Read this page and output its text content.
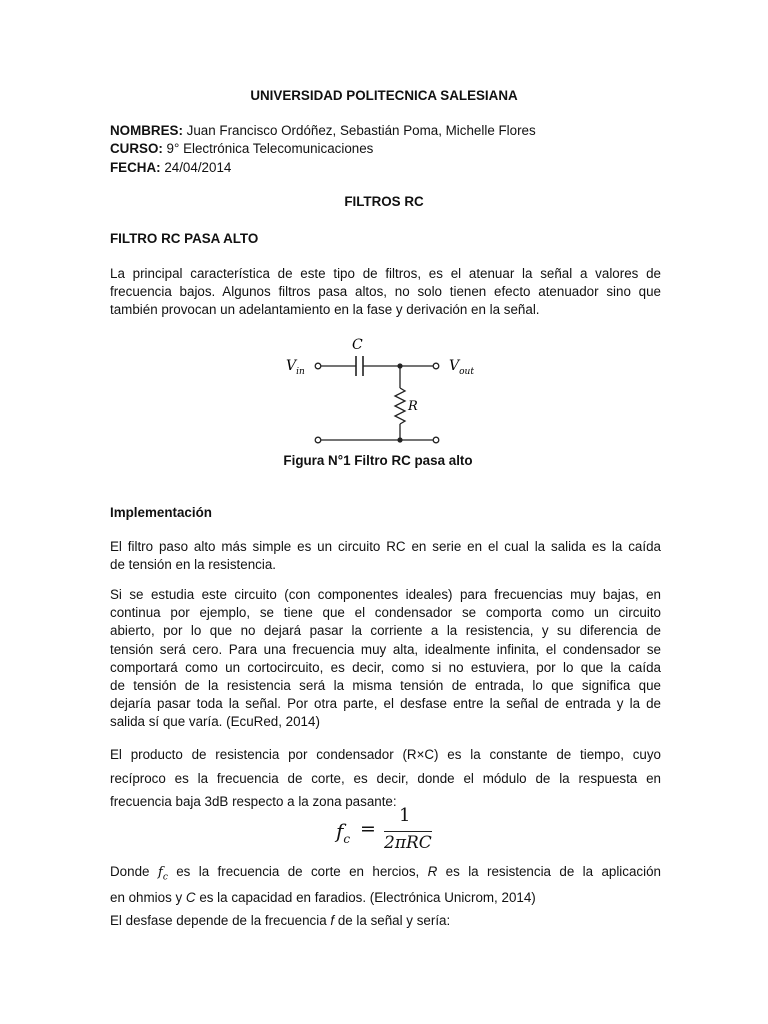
UNIVERSIDAD POLITECNICA SALESIANA
NOMBRES: Juan Francisco Ordóñez, Sebastián Poma, Michelle Flores
CURSO: 9° Electrónica Telecomunicaciones
FECHA: 24/04/2014
FILTROS RC
FILTRO RC PASA ALTO
La principal característica de este tipo de filtros, es el atenuar la señal a valores de
frecuencia bajos. Algunos filtros pasa altos, no solo tienen efecto atenuador sino que
también provocan un adelantamiento en la fase y derivación en la señal.
C
R
$V_{in}$	$V_{out}$
Figura N°1 Filtro RC pasa alto
Implementación
El filtro paso alto más simple es un circuito RC en serie en el cual la salida es la caída
de tensión en la resistencia.
Si se estudia este circuito (con componentes ideales) para frecuencias muy bajas, en
continua por ejemplo, se tiene que el condensador se comporta como un circuito
abierto, por lo que no dejará pasar la corriente a la resistencia, y su diferencia de
tensión será cero. Para una frecuencia muy alta, idealmente infinita, el condensador se
comportará como un cortocircuito, es decir, como si no estuviera, por lo que la caída
de tensión de la resistencia será la misma tensión de entrada, lo que significa que
dejaría pasar toda la señal. Por otra parte, el desfase entre la señal de entrada y la de
salida sí que varía. (EcuRed, 2014)
El producto de resistencia por condensador (R×C) es la constante de tiempo, cuyo
recíproco es la frecuencia de corte, es decir, donde el módulo de la respuesta en
frecuencia baja 3dB respecto a la zona pasante:
$f_c$ =
1
2πRC
Donde $f_c$ es la frecuencia de corte en hercios, R es la resistencia de la aplicación
en ohmios y C es la capacidad en faradios. (Electrónica Unicrom, 2014)
El desfase depende de la frecuencia f de la señal y sería:
